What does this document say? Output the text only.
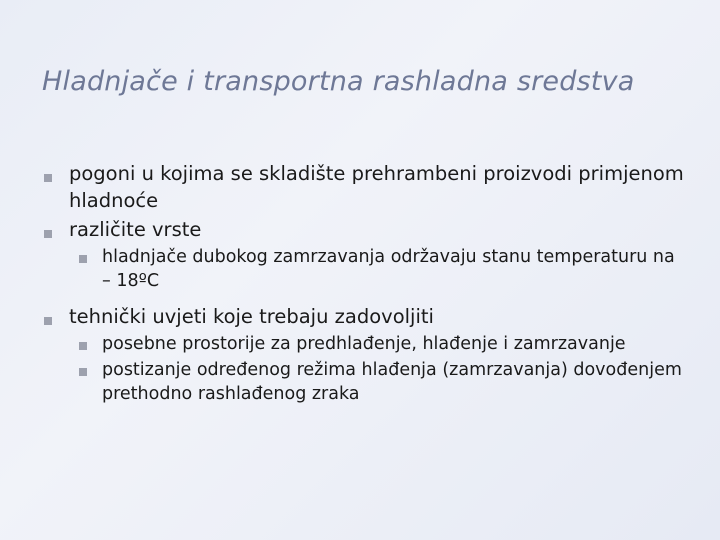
Hladnjače i transportna rashladna sredstva
pogoni u kojima se skladište prehrambeni proizvodi primjenom hladnoće
različite vrste
hladnjače dubokog zamrzavanja održavaju stanu temperaturu na – 18ºC
tehnički uvjeti koje trebaju zadovoljiti
posebne prostorije za predhlađenje, hlađenje i zamrzavanje
postizanje određenog režima hlađenja (zamrzavanja) dovođenjem prethodno rashlađenog zraka
